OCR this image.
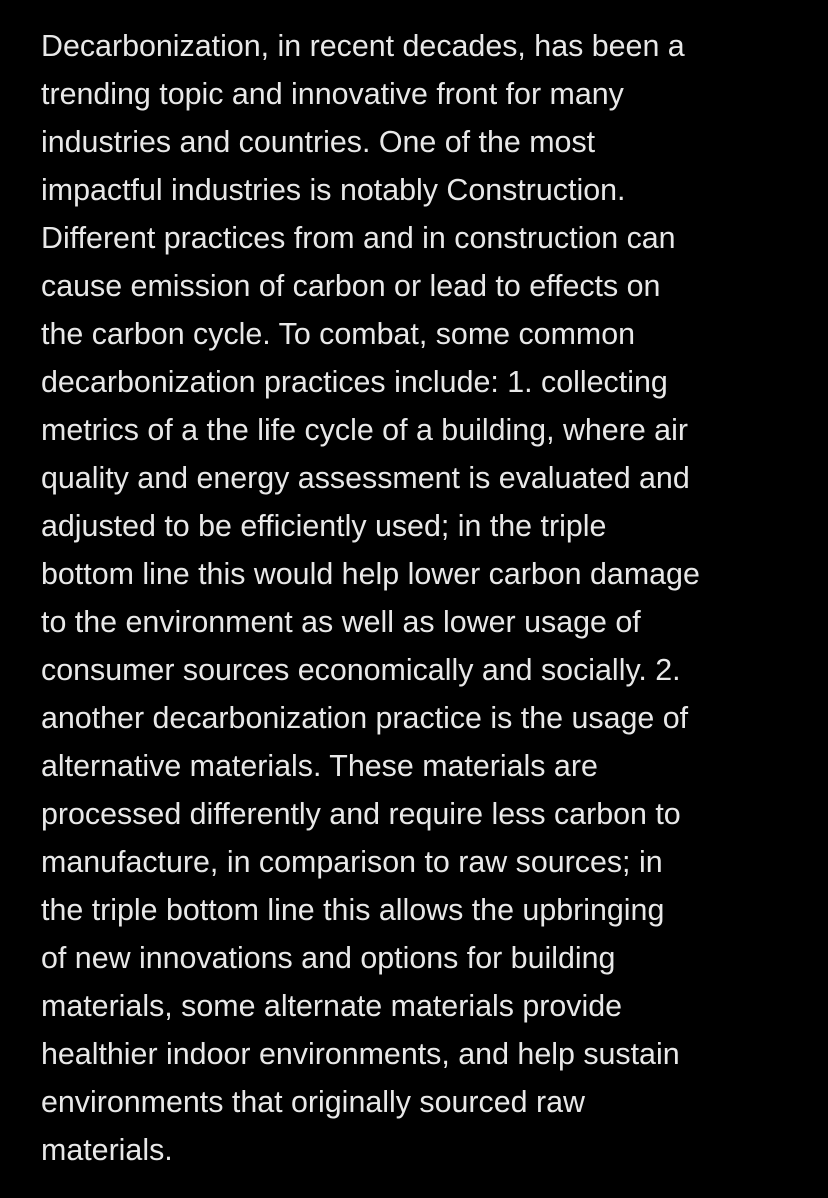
Decarbonization, in recent decades, has been a
trending topic and innovative front for many
industries and countries. One of the most
impactful industries is notably Construction.
Different practices from and in construction can
cause emission of carbon or lead to effects on
the carbon cycle. To combat, some common
decarbonization practices include: 1. collecting
metrics of a the life cycle of a building, where air
quality and energy assessment is evaluated and
adjusted to be efficiently used; in the triple
bottom line this would help lower carbon damage
to the environment as well as lower usage of
consumer sources economically and socially. 2.
another decarbonization practice is the usage of
alternative materials. These materials are
processed differently and require less carbon to
manufacture, in comparison to raw sources; in
the triple bottom line this allows the upbringing
of new innovations and options for building
materials, some alternate materials provide
healthier indoor environments, and help sustain
environments that originally sourced raw
materials.
